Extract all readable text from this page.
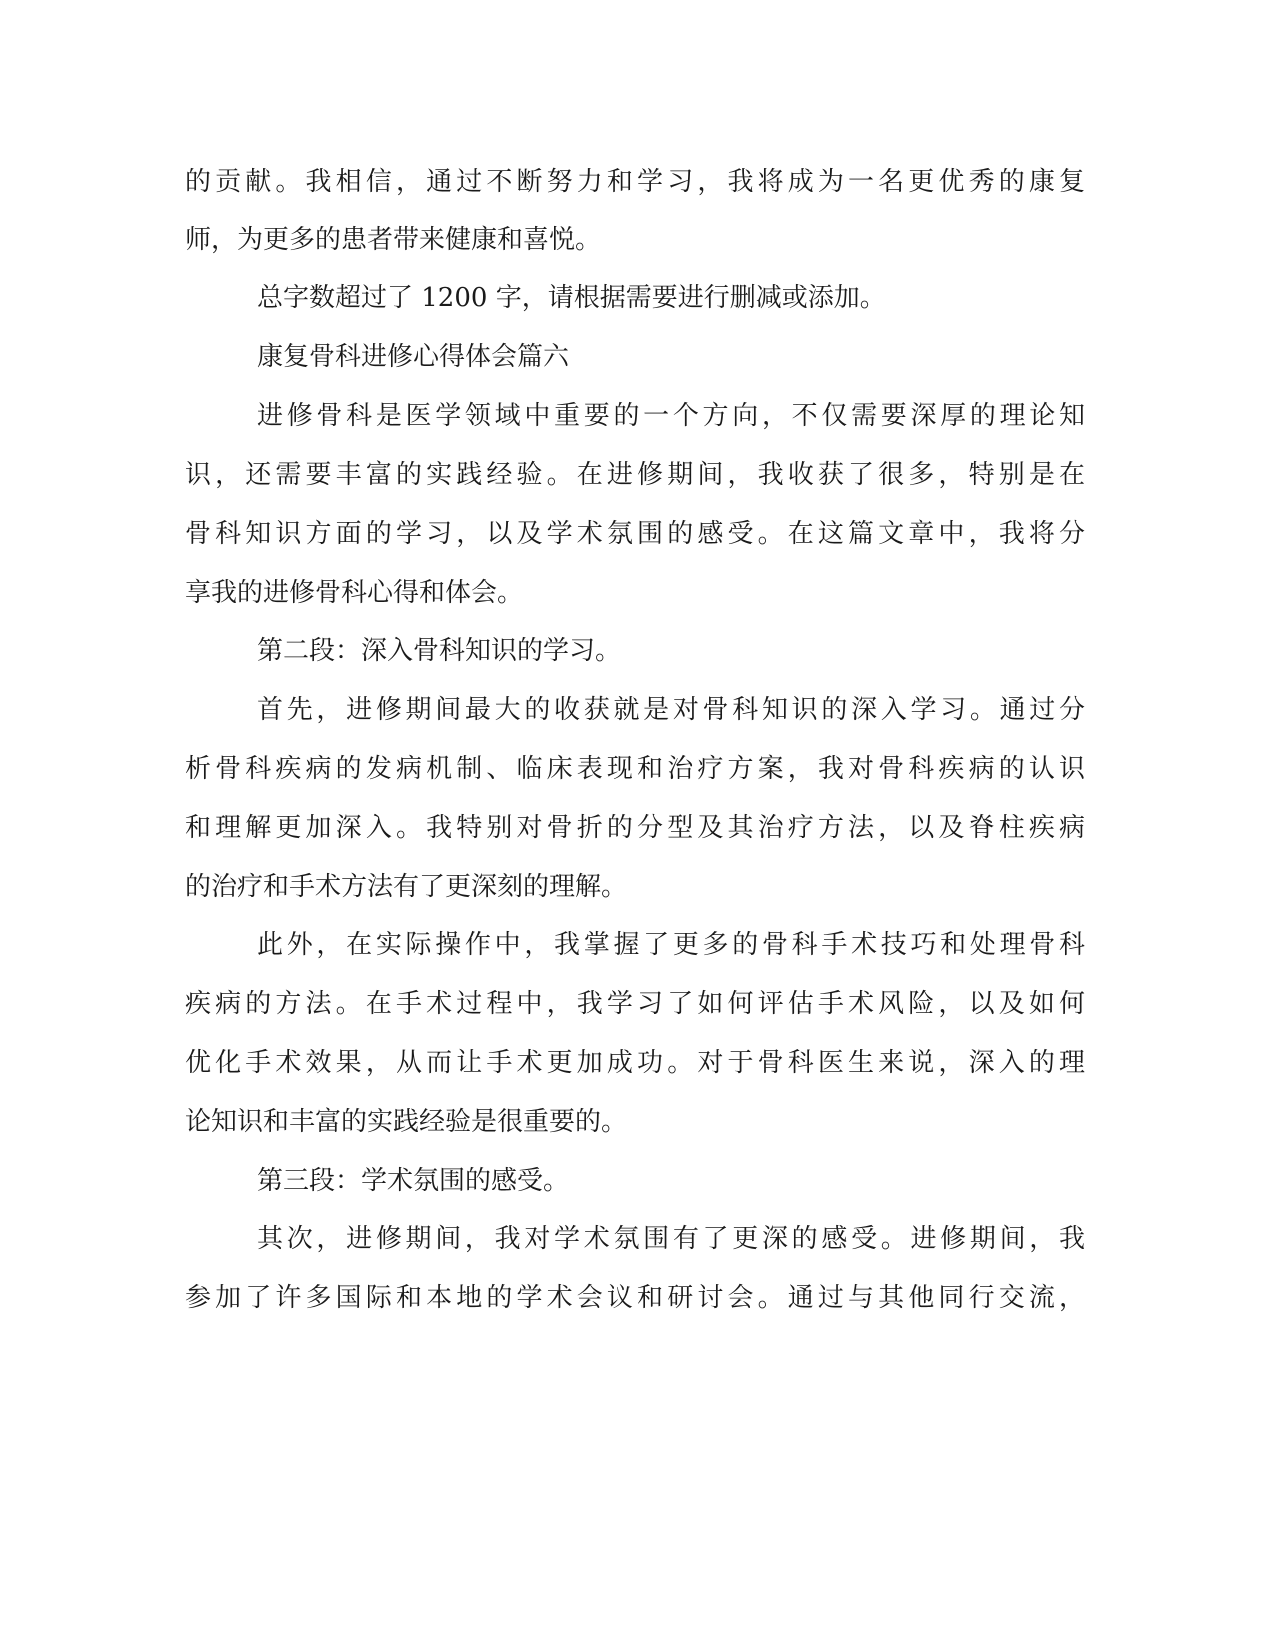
的贡献。我相信，通过不断努力和学习，我将成为一名更优秀的康复

师，为更多的患者带来健康和喜悦。

总字数超过了 1200 字，请根据需要进行删减或添加。

康复骨科进修心得体会篇六

进修骨科是医学领域中重要的一个方向，不仅需要深厚的理论知

识，还需要丰富的实践经验。在进修期间，我收获了很多，特别是在

骨科知识方面的学习，以及学术氛围的感受。在这篇文章中，我将分

享我的进修骨科心得和体会。

第二段：深入骨科知识的学习。

首先，进修期间最大的收获就是对骨科知识的深入学习。通过分

析骨科疾病的发病机制、临床表现和治疗方案，我对骨科疾病的认识

和理解更加深入。我特别对骨折的分型及其治疗方法，以及脊柱疾病

的治疗和手术方法有了更深刻的理解。

此外，在实际操作中，我掌握了更多的骨科手术技巧和处理骨科

疾病的方法。在手术过程中，我学习了如何评估手术风险，以及如何

优化手术效果，从而让手术更加成功。对于骨科医生来说，深入的理

论知识和丰富的实践经验是很重要的。

第三段：学术氛围的感受。

其次，进修期间，我对学术氛围有了更深的感受。进修期间，我

参加了许多国际和本地的学术会议和研讨会。通过与其他同行交流，
